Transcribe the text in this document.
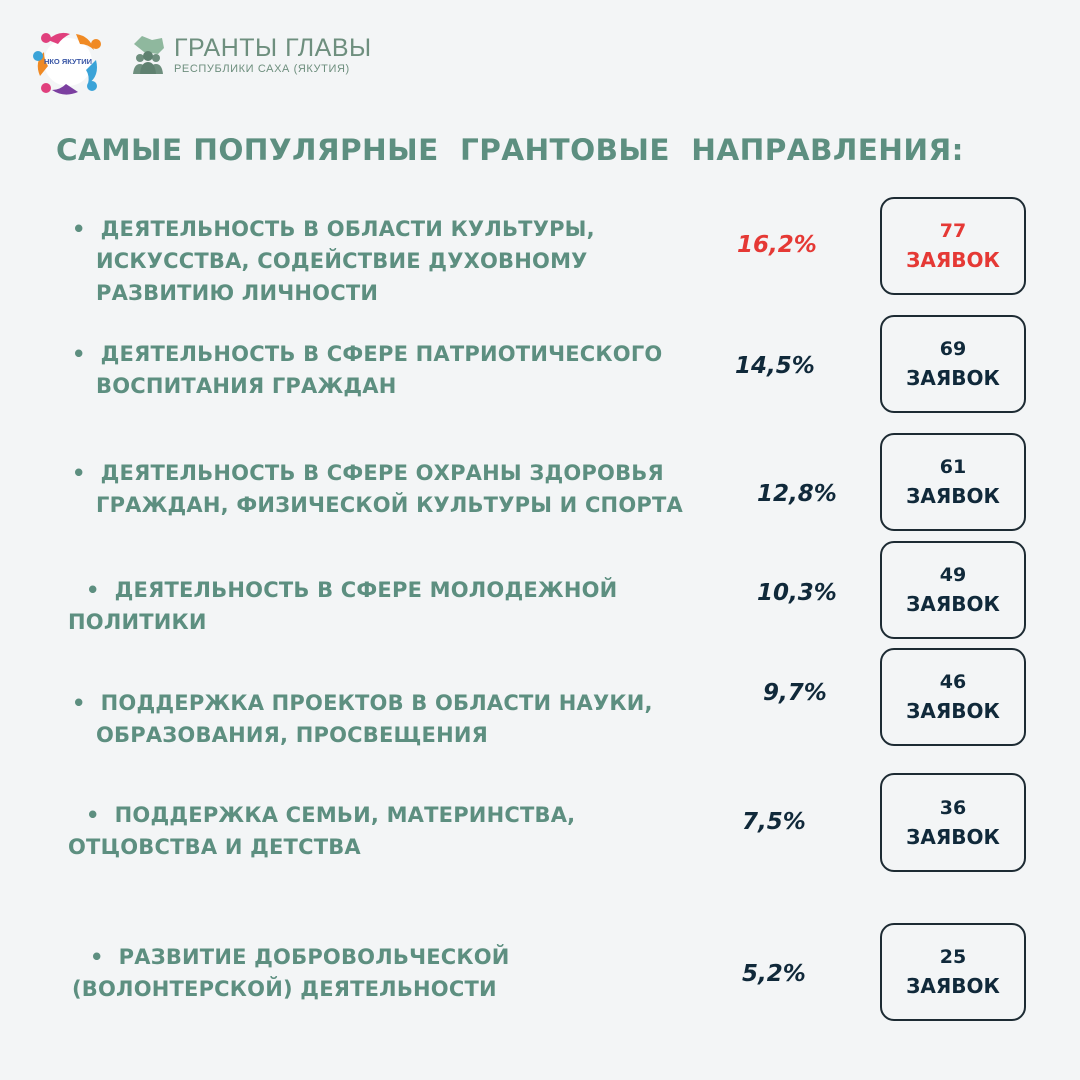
НКО ЯКУТИИ	ГРАНТЫ ГЛАВЫ
РЕСПУБЛИКИ САХА (ЯКУТИЯ)
САМЫЕ ПОПУЛЯРНЫЕ  ГРАНТОВЫЕ  НАПРАВЛЕНИЯ:
• ДЕЯТЕЛЬНОСТЬ В ОБЛАСТИ КУЛЬТУРЫ,
ИСКУССТВА, СОДЕЙСТВИЕ ДУХОВНОМУ
РАЗВИТИЮ ЛИЧНОСТИ
16,2%
77
ЗАЯВОК
• ДЕЯТЕЛЬНОСТЬ В СФЕРЕ ПАТРИОТИЧЕСКОГО
ВОСПИТАНИЯ ГРАЖДАН
14,5%
69
ЗАЯВОК
• ДЕЯТЕЛЬНОСТЬ В СФЕРЕ ОХРАНЫ ЗДОРОВЬЯ
ГРАЖДАН, ФИЗИЧЕСКОЙ КУЛЬТУРЫ И СПОРТА	12,8%
61
ЗАЯВОК
• ДЕЯТЕЛЬНОСТЬ В СФЕРЕ МОЛОДЕЖНОЙ
ПОЛИТИКИ
10,3%
49
ЗАЯВОК
• ПОДДЕРЖКА ПРОЕКТОВ В ОБЛАСТИ НАУКИ,
ОБРАЗОВАНИЯ, ПРОСВЕЩЕНИЯ
9,7%	46
ЗАЯВОК
• ПОДДЕРЖКА СЕМЬИ, МАТЕРИНСТВА,
ОТЦОВСТВА И ДЕТСТВА
7,5%
36
ЗАЯВОК
• РАЗВИТИЕ ДОБРОВОЛЬЧЕСКОЙ
(ВОЛОНТЕРСКОЙ) ДЕЯТЕЛЬНОСТИ
5,2%
25
ЗАЯВОК
